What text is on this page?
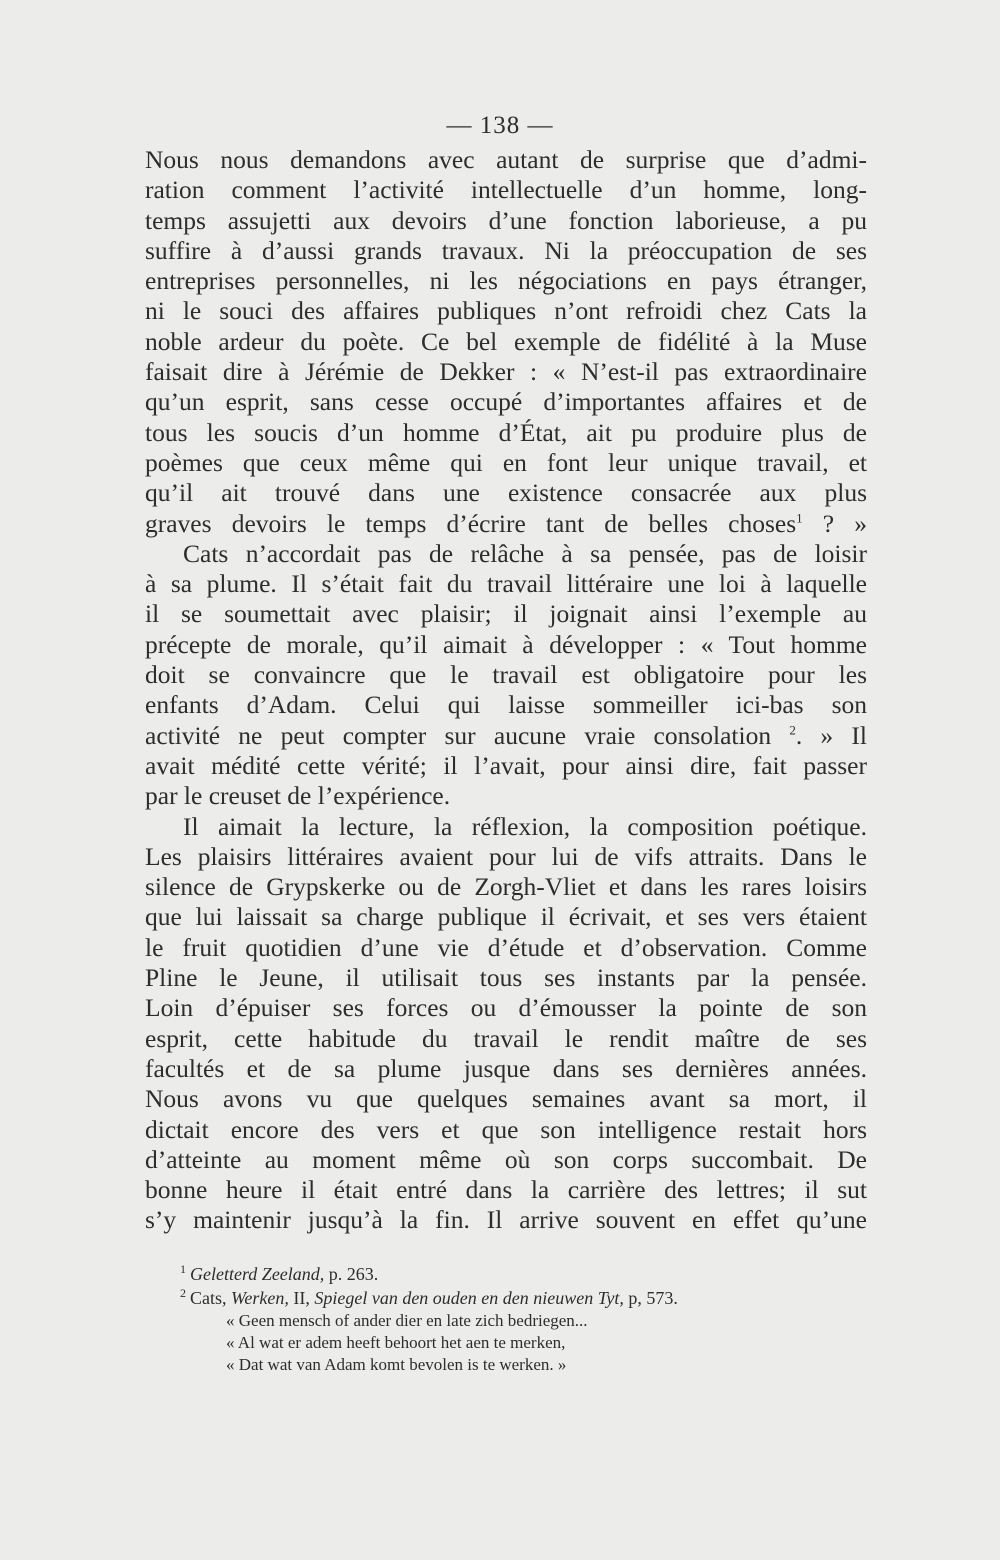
— 138 —
Nous nous demandons avec autant de surprise que d’admi-
ration comment l’activité intellectuelle d’un homme, long-
temps assujetti aux devoirs d’une fonction laborieuse, a pu
suffire à d’aussi grands travaux. Ni la préoccupation de ses
entreprises personnelles, ni les négociations en pays étranger,
ni le souci des affaires publiques n’ont refroidi chez Cats la
noble ardeur du poète. Ce bel exemple de fidélité à la Muse
faisait dire à Jérémie de Dekker : « N’est-il pas extraordinaire
qu’un esprit, sans cesse occupé d’importantes affaires et de
tous les soucis d’un homme d’État, ait pu produire plus de
poèmes que ceux même qui en font leur unique travail, et
qu’il ait trouvé dans une existence consacrée aux plus
graves devoirs le temps d’écrire tant de belles choses$^1$ ? »
Cats n’accordait pas de relâche à sa pensée, pas de loisir
à sa plume. Il s’était fait du travail littéraire une loi à laquelle
il se soumettait avec plaisir; il joignait ainsi l’exemple au
précepte de morale, qu’il aimait à développer : « Tout homme
doit se convaincre que le travail est obligatoire pour les
enfants d’Adam. Celui qui laisse sommeiller ici-bas son
activité ne peut compter sur aucune vraie consolation $^2$. » Il
avait médité cette vérité; il l’avait, pour ainsi dire, fait passer
par le creuset de l’expérience.
Il aimait la lecture, la réflexion, la composition poétique.
Les plaisirs littéraires avaient pour lui de vifs attraits. Dans le
silence de Grypskerke ou de Zorgh-Vliet et dans les rares loisirs
que lui laissait sa charge publique il écrivait, et ses vers étaient
le fruit quotidien d’une vie d’étude et d’observation. Comme
Pline le Jeune, il utilisait tous ses instants par la pensée.
Loin d’épuiser ses forces ou d’émousser la pointe de son
esprit, cette habitude du travail le rendit maître de ses
facultés et de sa plume jusque dans ses dernières années.
Nous avons vu que quelques semaines avant sa mort, il
dictait encore des vers et que son intelligence restait hors
d’atteinte au moment même où son corps succombait. De
bonne heure il était entré dans la carrière des lettres; il sut
s’y maintenir jusqu’à la fin. Il arrive souvent en effet qu’une
$^1$ Geletterd Zeeland, p. 263.
$^2$ Cats, Werken, II, Spiegel van den ouden en den nieuwen Tyt, p, 573.
« Geen mensch of ander dier en late zich bedriegen...
« Al wat er adem heeft behoort het aen te merken,
« Dat wat van Adam komt bevolen is te werken. »
